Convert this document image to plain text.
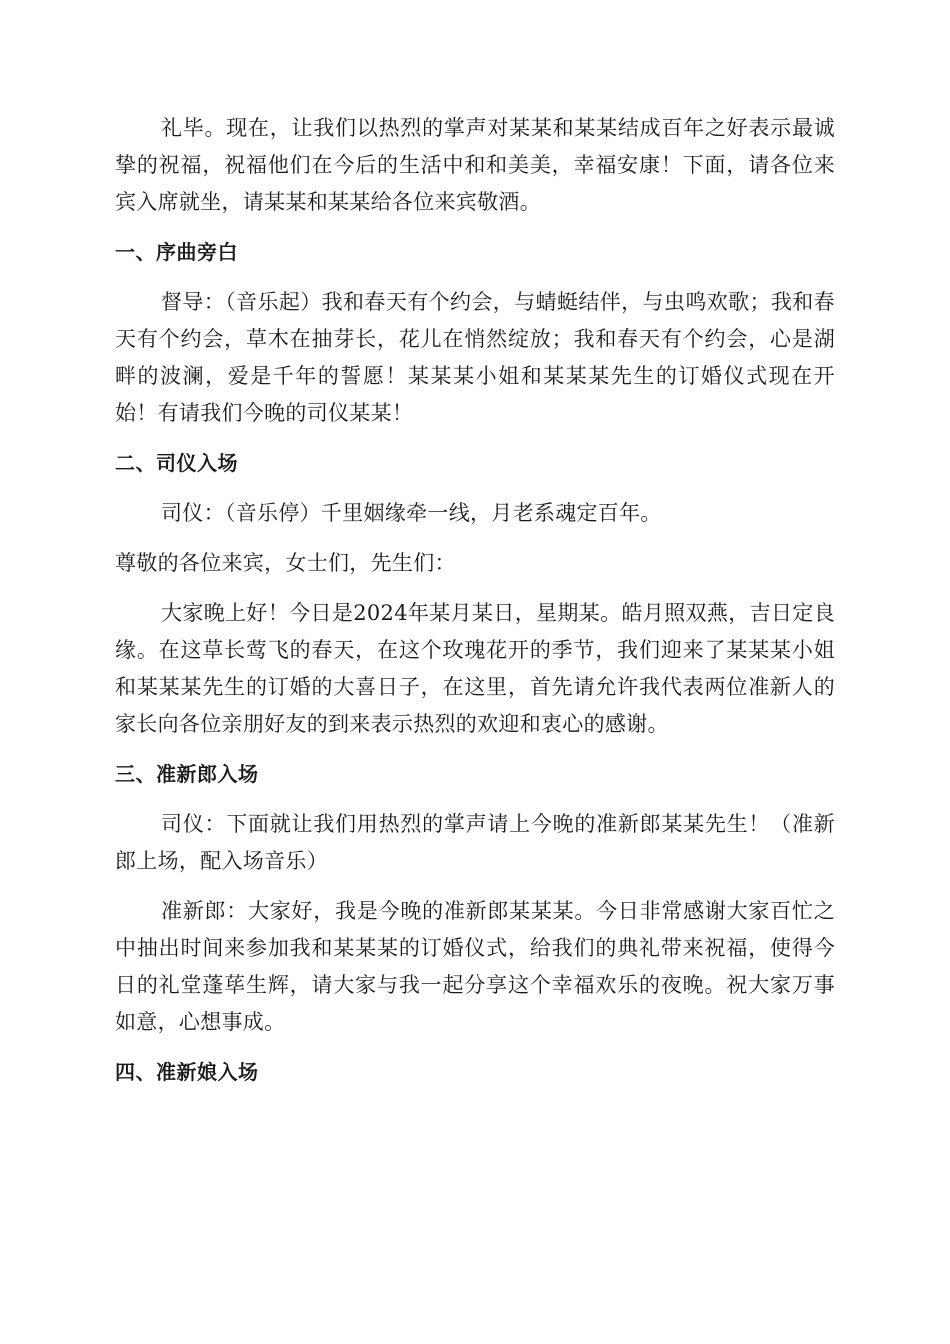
礼毕。现在，让我们以热烈的掌声对某某和某某结成百年之好表示最诚挚的祝福，祝福他们在今后的生活中和和美美，幸福安康！下面，请各位来宾入席就坐，请某某和某某给各位来宾敬酒。

一、序曲旁白

督导：（音乐起）我和春天有个约会，与蜻蜓结伴，与虫鸣欢歌；我和春天有个约会，草木在抽芽长，花儿在悄然绽放；我和春天有个约会，心是湖畔的波澜，爱是千年的誓愿！某某某小姐和某某某先生的订婚仪式现在开始！有请我们今晚的司仪某某！

二、司仪入场

司仪：（音乐停）千里姻缘牵一线，月老系魂定百年。

尊敬的各位来宾，女士们，先生们：

大家晚上好！今日是2024年某月某日，星期某。皓月照双燕，吉日定良缘。在这草长莺飞的春天，在这个玫瑰花开的季节，我们迎来了某某某小姐和某某某先生的订婚的大喜日子，在这里，首先请允许我代表两位准新人的家长向各位亲朋好友的到来表示热烈的欢迎和衷心的感谢。

三、准新郎入场

司仪：下面就让我们用热烈的掌声请上今晚的准新郎某某先生！（准新郎上场，配入场音乐）

准新郎：大家好，我是今晚的准新郎某某某。今日非常感谢大家百忙之中抽出时间来参加我和某某某的订婚仪式，给我们的典礼带来祝福，使得今日的礼堂蓬荜生辉，请大家与我一起分享这个幸福欢乐的夜晚。祝大家万事如意，心想事成。

四、准新娘入场
